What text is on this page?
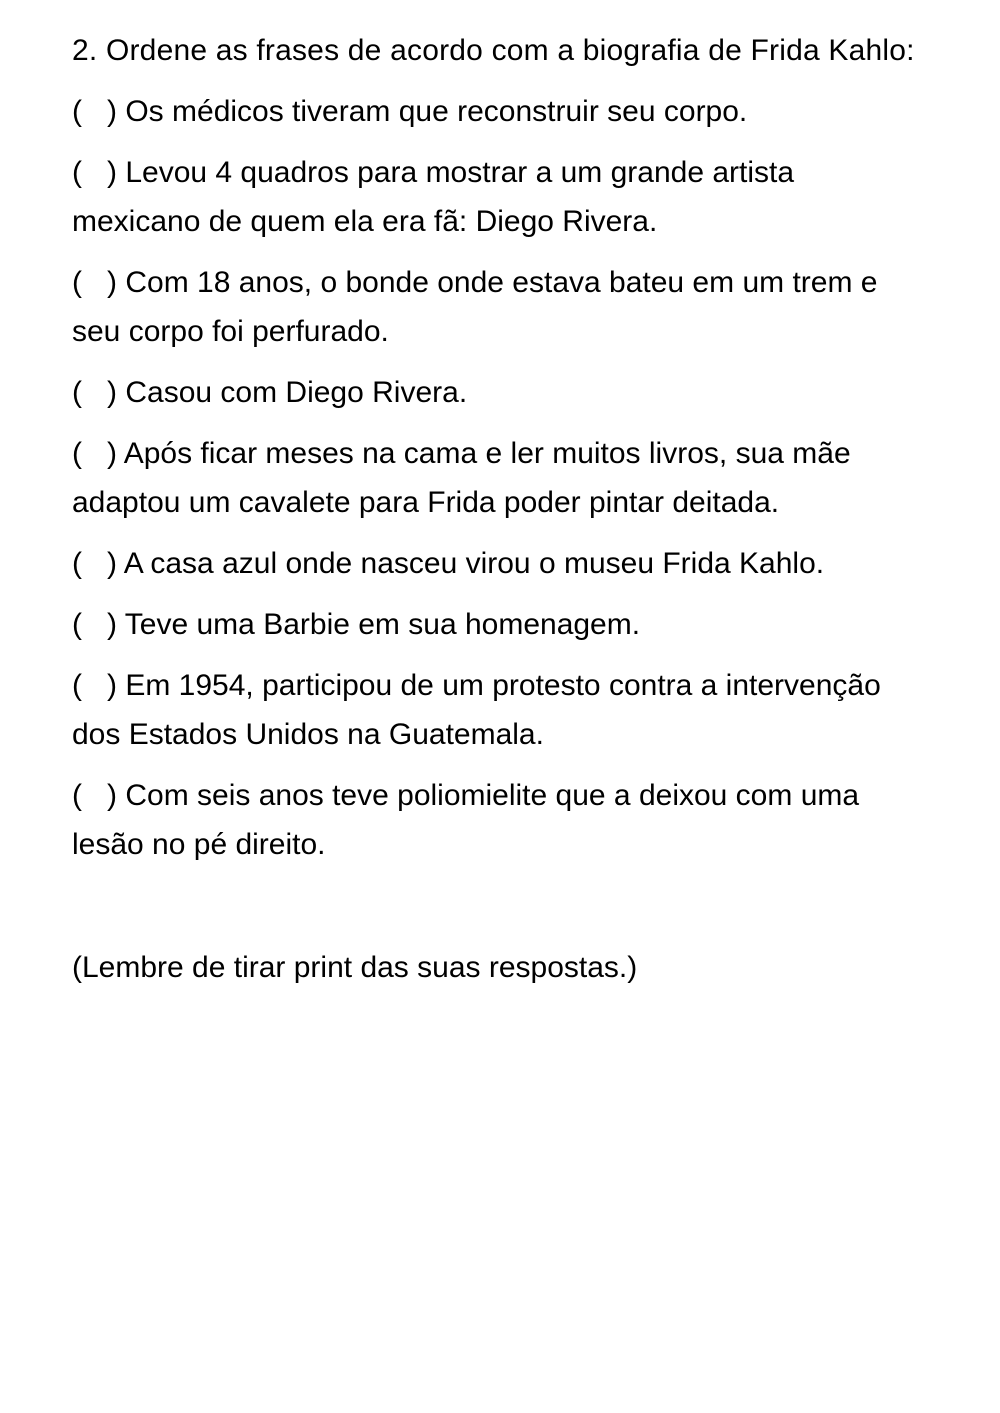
2. Ordene as frases de acordo com a biografia de Frida Kahlo:

(   ) Os médicos tiveram que reconstruir seu corpo.
(   ) Levou 4 quadros para mostrar a um grande artista mexicano de quem ela era fã: Diego Rivera.
(   ) Com 18 anos, o bonde onde estava bateu em um trem e seu corpo foi perfurado.
(   ) Casou com Diego Rivera.
(   ) Após ficar meses na cama e ler muitos livros, sua mãe adaptou um cavalete para Frida poder pintar deitada.
(   ) A casa azul onde nasceu virou o museu Frida Kahlo.
(   ) Teve uma Barbie em sua homenagem.
(   ) Em 1954, participou de um protesto contra a intervenção dos Estados Unidos na Guatemala.
(   ) Com seis anos teve poliomielite que a deixou com uma lesão no pé direito.

(Lembre de tirar print das suas respostas.)
